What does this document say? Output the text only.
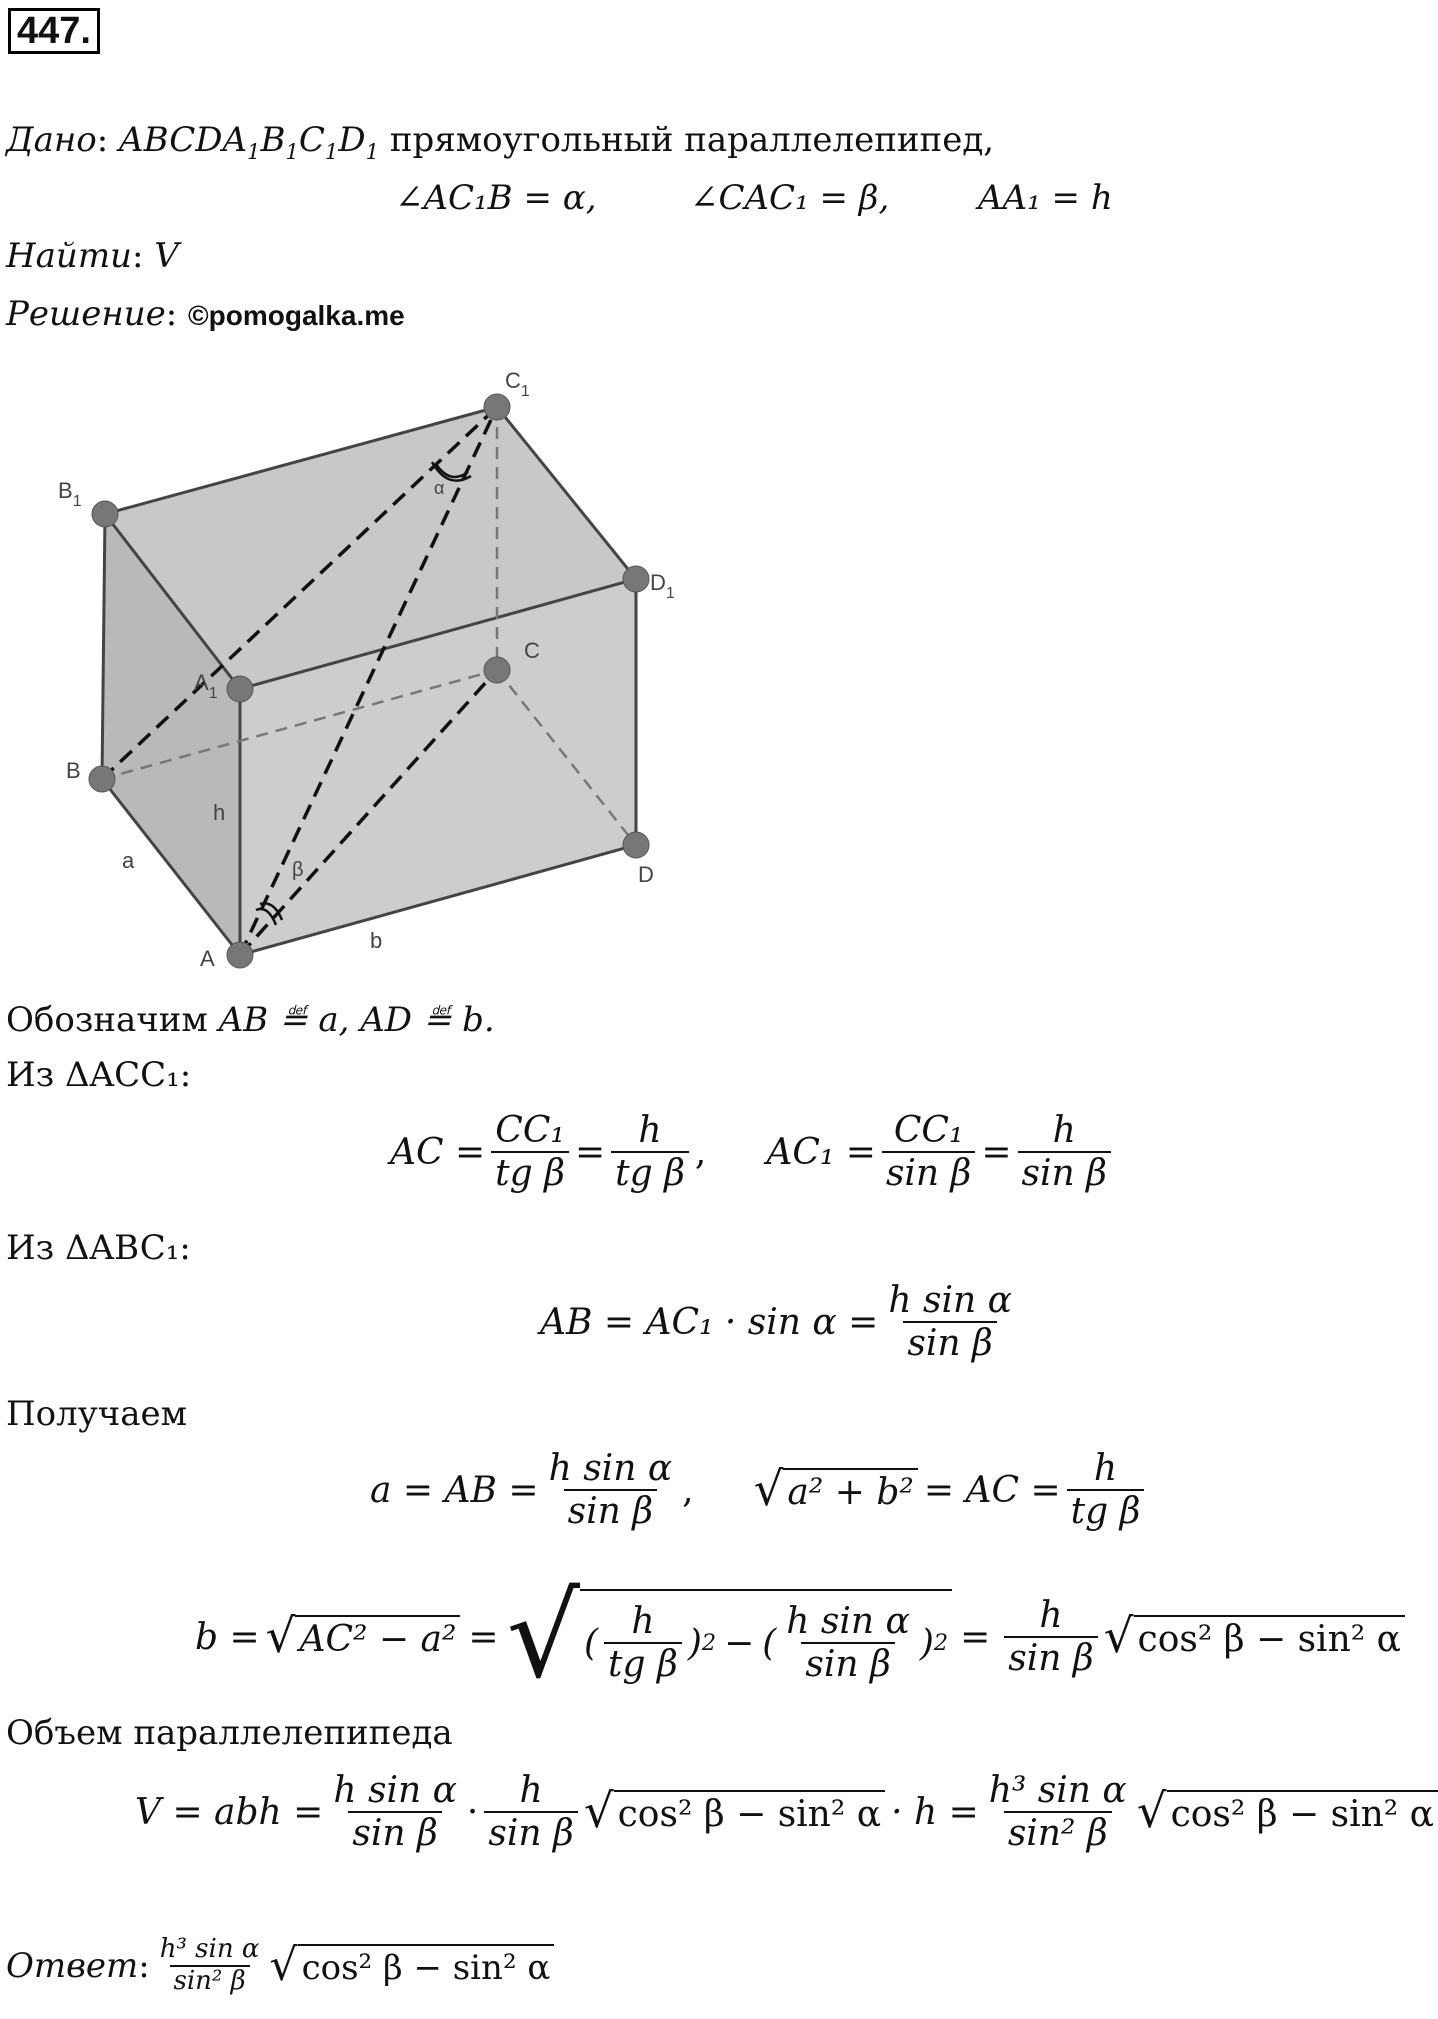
447.
Дано: $ABCDA_1B_1C_1D_1$ прямоугольный параллелепипед,
∠AC₁B = α,	∠CAC₁ = β,	AA₁ = h
Найти: V
Решение: ©pomogalka.me
$C_1$
$B_1$
$D_1$
$A_1$
C
B
D
A
h
a
b
α
β
Обозначим AB ≝ a, AD ≝ b.
Из ΔACC₁:
AC = $\frac{\text{CC₁}}{\text{tg β}} = \frac{h}{\text{tg β}}$ , $AC_1 = \frac{\text{CC₁}}{\text{sin β}} = \frac{h}{\text{sin β}}$
Из ΔABC₁:
AB = $AC_1 \cdot \sin \alpha = \frac{\text{h sin α}}{\text{sin β}}$
Получаем
a = AB = $\frac{\text{h sin α}}{\text{sin β}}$ , √ a² + b² = AC = $\frac{h}{\text{tg β}}$
b = √ AC² − a² = √ ( $\frac{h}{\text{tg β}}$ ) 2 − ( $\frac{\text{h sin α}}{\text{sin β}}$ ) $2 = \frac{h}{\text{sin β}}$ √ cos² β − sin² α
Объем параллелепипеда
V = abh = $\frac{\text{h sin α}}{\text{sin β}} \cdot \frac{h}{\text{sin β}}$ √ cos² β − sin² $\alpha \cdot h = \frac{\text{h³ sin α}}{\text{sin² β}}$ √ cos² β − sin² α
Ответ : $\frac{\text{h³ sin α}}{\text{sin² β}}$ √ cos² β − sin² α
